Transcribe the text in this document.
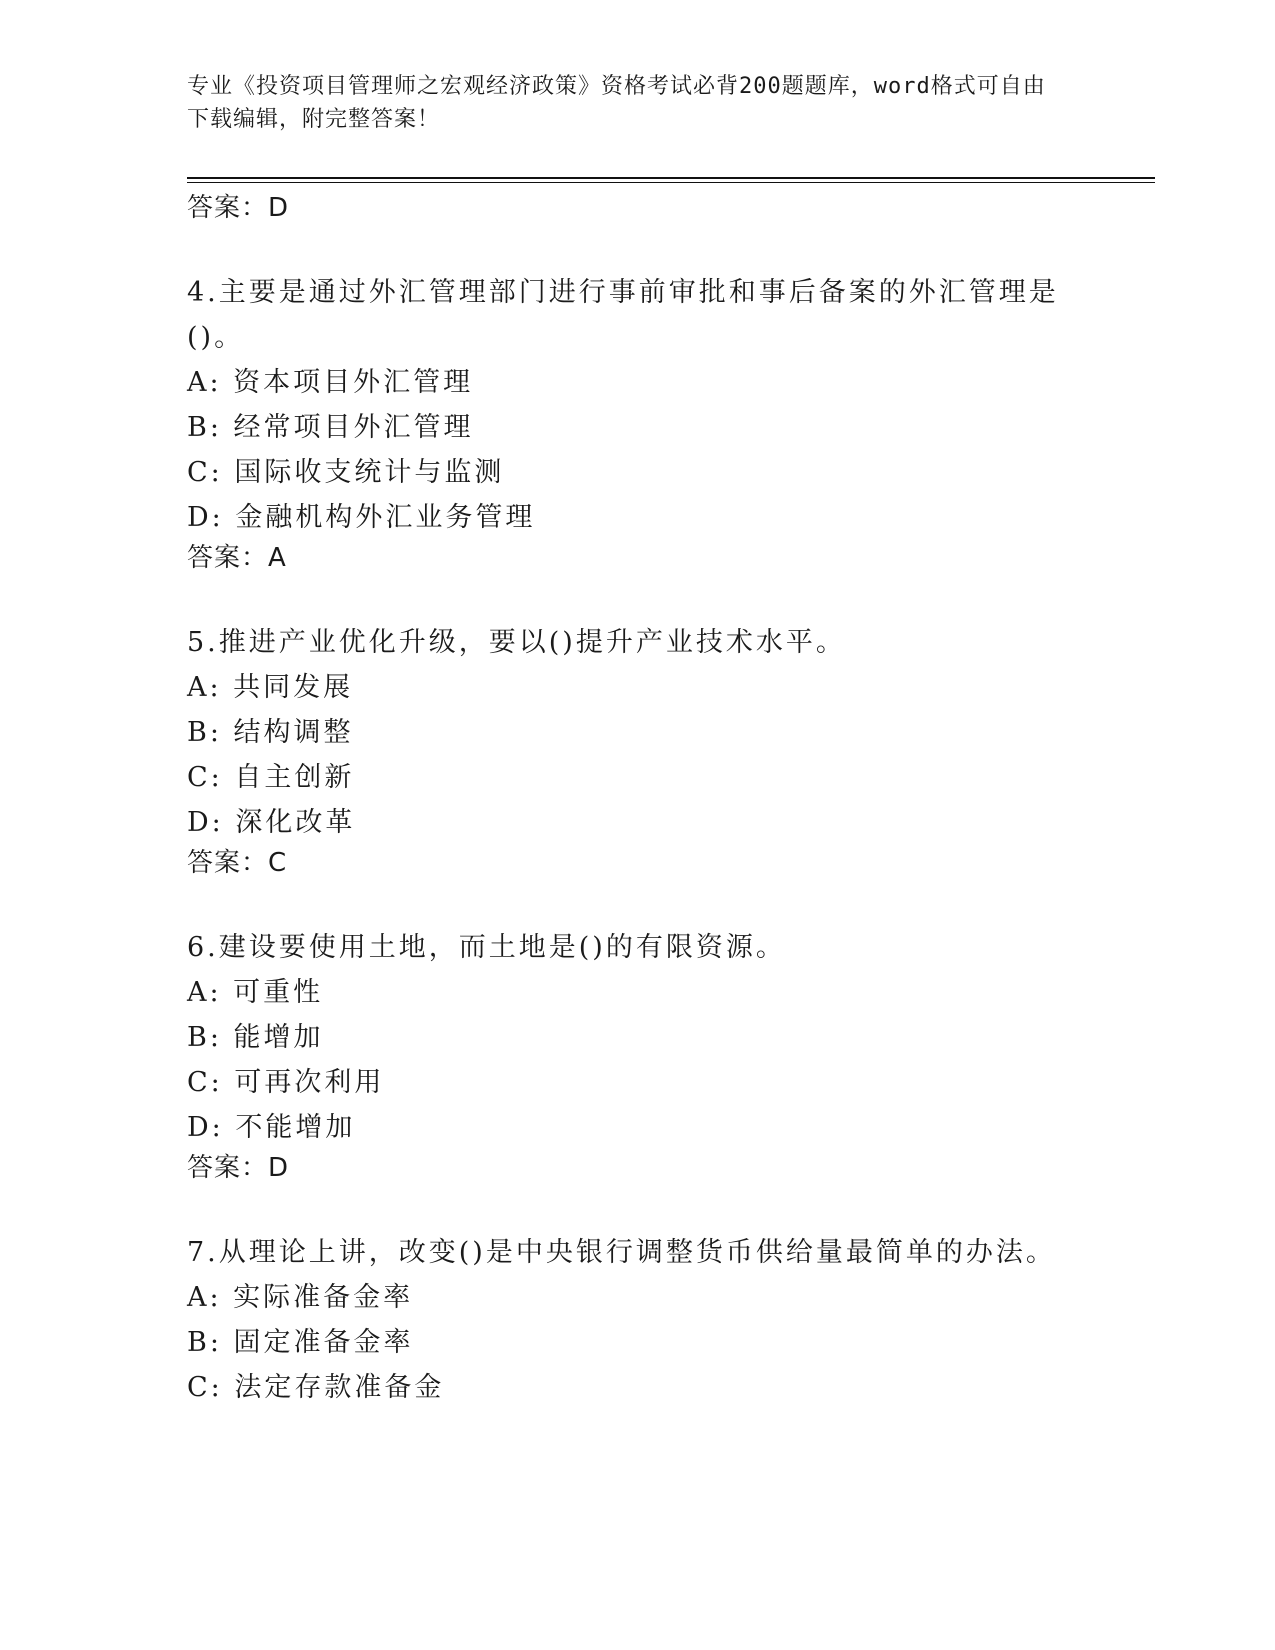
专业《投资项目管理师之宏观经济政策》资格考试必背200题题库，word格式可自由下载编辑，附完整答案！
答案：D
4.主要是通过外汇管理部门进行事前审批和事后备案的外汇管理是()。
A: 资本项目外汇管理
B: 经常项目外汇管理
C: 国际收支统计与监测
D: 金融机构外汇业务管理
答案：A
5.推进产业优化升级，要以()提升产业技术水平。
A: 共同发展
B: 结构调整
C: 自主创新
D: 深化改革
答案：C
6.建设要使用土地，而土地是()的有限资源。
A: 可重性
B: 能增加
C: 可再次利用
D: 不能增加
答案：D
7.从理论上讲，改变()是中央银行调整货币供给量最简单的办法。
A: 实际准备金率
B: 固定准备金率
C: 法定存款准备金
